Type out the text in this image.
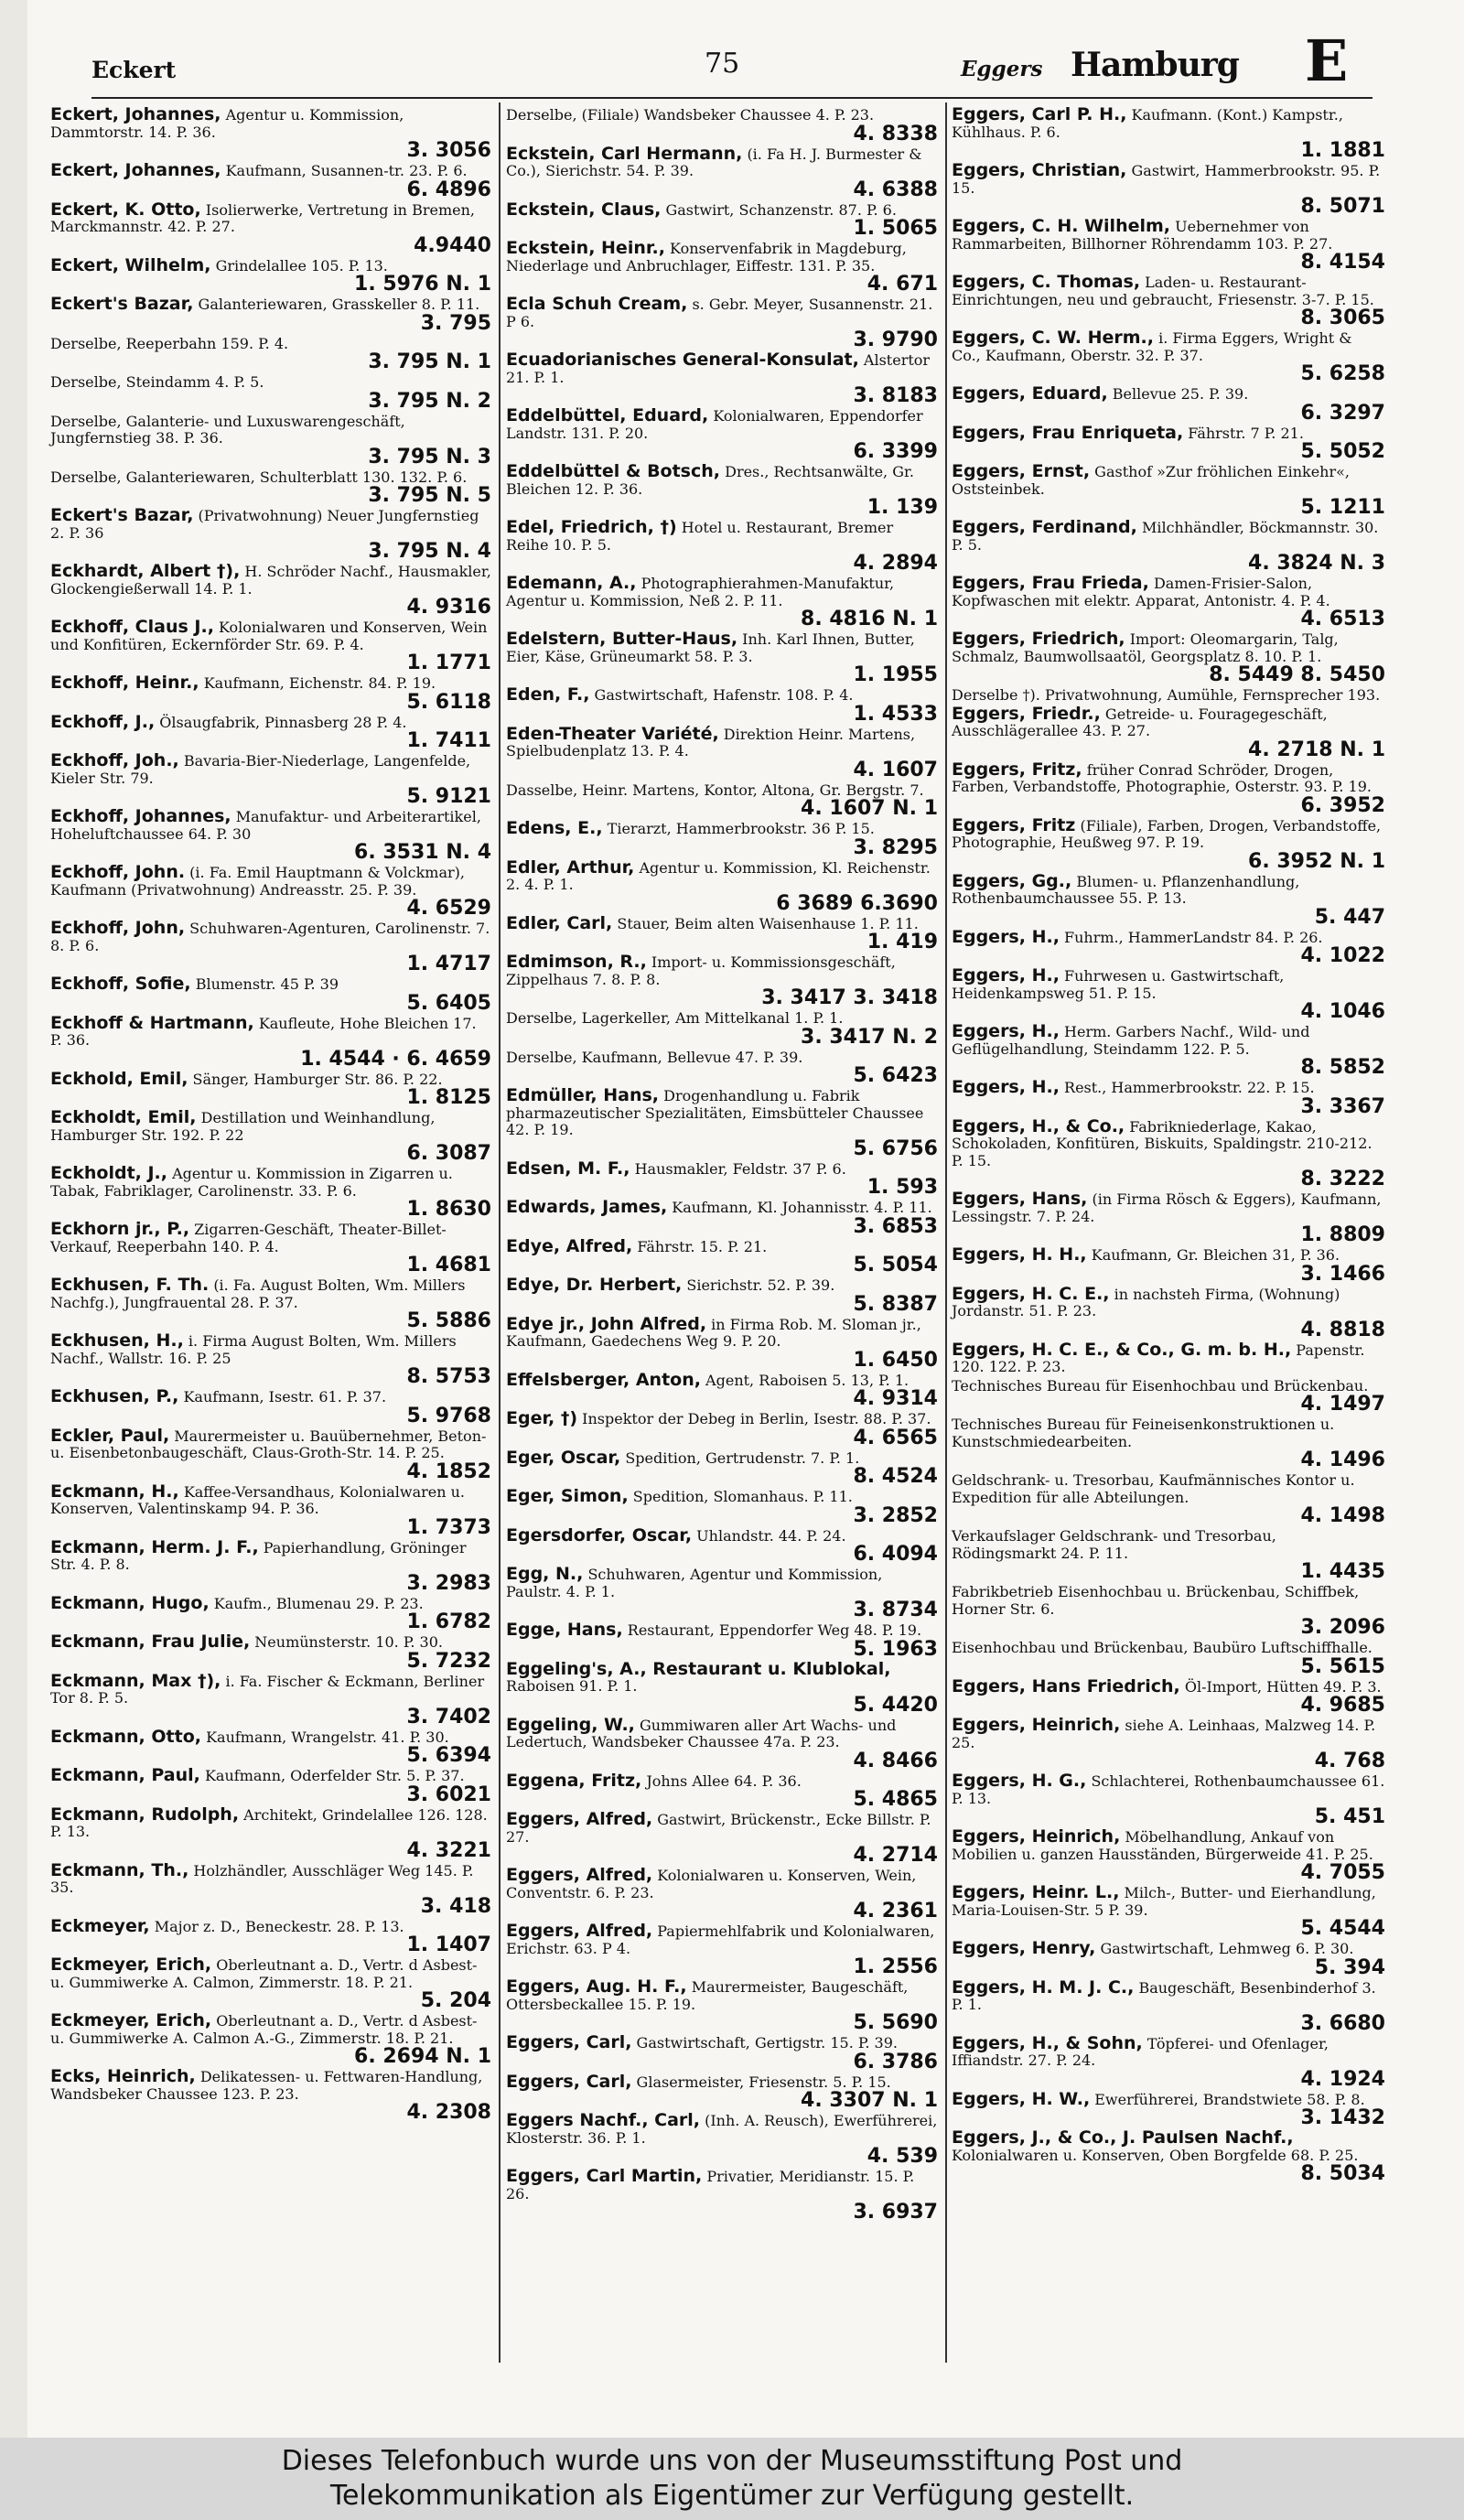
Eckert	75	Eggers Hamburg E
Eckert, Johannes, Agentur u. Kommission, Dammtorstr. 14. P. 36.
3. 3056
Eckert, Johannes, Kaufmann, Susannen-tr. 23. P. 6.
6. 4896
Eckert, K. Otto, Isolierwerke, Vertretung in Bremen, Marckmannstr. 42. P. 27.
4.9440
Eckert, Wilhelm, Grindelallee 105. P. 13.
1. 5976 N. 1
Eckert's Bazar, Galanteriewaren, Grasskeller 8. P. 11.
3. 795
Derselbe, Reeperbahn 159. P. 4.
3. 795 N. 1
Derselbe, Steindamm 4. P. 5.
3. 795 N. 2
Derselbe, Galanterie- und Luxuswarengeschäft, Jungfernstieg 38. P. 36.
3. 795 N. 3
Derselbe, Galanteriewaren, Schulterblatt 130. 132. P. 6.
3. 795 N. 5
Eckert's Bazar, (Privatwohnung) Neuer Jungfernstieg 2. P. 36
3. 795 N. 4
Eckhardt, Albert †), H. Schröder Nachf., Hausmakler, Glockengießerwall 14. P. 1.
4. 9316
Eckhoff, Claus J., Kolonialwaren und Konserven, Wein und Konfitüren, Eckernförder Str. 69. P. 4.
1. 1771
Eckhoff, Heinr., Kaufmann, Eichenstr. 84. P. 19.
5. 6118
Eckhoff, J., Ölsaugfabrik, Pinnasberg 28 P. 4.
1. 7411
Eckhoff, Joh., Bavaria-Bier-Niederlage, Langenfelde, Kieler Str. 79.
5. 9121
Eckhoff, Johannes, Manufaktur- und Arbeiterartikel, Hoheluftchaussee 64. P. 30
6. 3531 N. 4
Eckhoff, John. (i. Fa. Emil Hauptmann & Volckmar), Kaufmann (Privatwohnung) Andreasstr. 25. P. 39.
4. 6529
Eckhoff, John, Schuhwaren-Agenturen, Carolinenstr. 7. 8. P. 6.
1. 4717
Eckhoff, Sofie, Blumenstr. 45 P. 39
5. 6405
Eckhoff & Hartmann, Kaufleute, Hohe Bleichen 17. P. 36.
1. 4544 · 6. 4659
Eckhold, Emil, Sänger, Hamburger Str. 86. P. 22.
1. 8125
Eckholdt, Emil, Destillation und Weinhandlung, Hamburger Str. 192. P. 22
6. 3087
Eckholdt, J., Agentur u. Kommission in Zigarren u. Tabak, Fabriklager, Carolinenstr. 33. P. 6.
1. 8630
Eckhorn jr., P., Zigarren-Geschäft, Theater-Billet-Verkauf, Reeperbahn 140. P. 4.
1. 4681
Eckhusen, F. Th. (i. Fa. August Bolten, Wm. Millers Nachfg.), Jungfrauental 28. P. 37.
5. 5886
Eckhusen, H., i. Firma August Bolten, Wm. Millers Nachf., Wallstr. 16. P. 25
8. 5753
Eckhusen, P., Kaufmann, Isestr. 61. P. 37.
5. 9768
Eckler, Paul, Maurermeister u. Bauübernehmer, Beton- u. Eisenbetonbaugeschäft, Claus-Groth-Str. 14. P. 25.
4. 1852
Eckmann, H., Kaffee-Versandhaus, Kolonialwaren u. Konserven, Valentinskamp 94. P. 36.
1. 7373
Eckmann, Herm. J. F., Papierhandlung, Gröninger Str. 4. P. 8.
3. 2983
Eckmann, Hugo, Kaufm., Blumenau 29. P. 23.
1. 6782
Eckmann, Frau Julie, Neumünsterstr. 10. P. 30.
5. 7232
Eckmann, Max †), i. Fa. Fischer & Eckmann, Berliner Tor 8. P. 5.
3. 7402
Eckmann, Otto, Kaufmann, Wrangelstr. 41. P. 30.
5. 6394
Eckmann, Paul, Kaufmann, Oderfelder Str. 5. P. 37.
3. 6021
Eckmann, Rudolph, Architekt, Grindelallee 126. 128. P. 13.
4. 3221
Eckmann, Th., Holzhändler, Ausschläger Weg 145. P. 35.
3. 418
Eckmeyer, Major z. D., Beneckestr. 28. P. 13.
1. 1407
Eckmeyer, Erich, Oberleutnant a. D., Vertr. d Asbest- u. Gummiwerke A. Calmon, Zimmerstr. 18. P. 21.
5. 204
Eckmeyer, Erich, Oberleutnant a. D., Vertr. d Asbest- u. Gummiwerke A. Calmon A.-G., Zimmerstr. 18. P. 21.
6. 2694 N. 1
Ecks, Heinrich, Delikatessen- u. Fettwaren-Handlung, Wandsbeker Chaussee 123. P. 23.
4. 2308
Derselbe, (Filiale) Wandsbeker Chaussee 4. P. 23.
4. 8338
Eckstein, Carl Hermann, (i. Fa H. J. Burmester & Co.), Sierichstr. 54. P. 39.
4. 6388
Eckstein, Claus, Gastwirt, Schanzenstr. 87. P. 6.
1. 5065
Eckstein, Heinr., Konservenfabrik in Magdeburg, Niederlage und Anbruchlager, Eiffestr. 131. P. 35.
4. 671
Ecla Schuh Cream, s. Gebr. Meyer, Susannenstr. 21. P 6.
3. 9790
Ecuadorianisches General-Konsulat, Alstertor 21. P. 1.
3. 8183
Eddelbüttel, Eduard, Kolonialwaren, Eppendorfer Landstr. 131. P. 20.
6. 3399
Eddelbüttel & Botsch, Dres., Rechtsanwälte, Gr. Bleichen 12. P. 36.
1. 139
Edel, Friedrich, †) Hotel u. Restaurant, Bremer Reihe 10. P. 5.
4. 2894
Edemann, A., Photographierahmen-Manufaktur, Agentur u. Kommission, Neß 2. P. 11.
8. 4816 N. 1
Edelstern, Butter-Haus, Inh. Karl Ihnen, Butter, Eier, Käse, Grüneumarkt 58. P. 3.
1. 1955
Eden, F., Gastwirtschaft, Hafenstr. 108. P. 4.
1. 4533
Eden-Theater Variété, Direktion Heinr. Martens, Spielbudenplatz 13. P. 4.
4. 1607
Dasselbe, Heinr. Martens, Kontor, Altona, Gr. Bergstr. 7.
4. 1607 N. 1
Edens, E., Tierarzt, Hammerbrookstr. 36 P. 15.
3. 8295
Edler, Arthur, Agentur u. Kommission, Kl. Reichenstr. 2. 4. P. 1.
6 3689 6.3690
Edler, Carl, Stauer, Beim alten Waisenhause 1. P. 11.
1. 419
Edmimson, R., Import- u. Kommissionsgeschäft, Zippelhaus 7. 8. P. 8.
3. 3417 3. 3418
Derselbe, Lagerkeller, Am Mittelkanal 1. P. 1.
3. 3417 N. 2
Derselbe, Kaufmann, Bellevue 47. P. 39.
5. 6423
Edmüller, Hans, Drogenhandlung u. Fabrik pharmazeutischer Spezialitäten, Eimsbütteler Chaussee 42. P. 19.
5. 6756
Edsen, M. F., Hausmakler, Feldstr. 37 P. 6.
1. 593
Edwards, James, Kaufmann, Kl. Johannisstr. 4. P. 11.
3. 6853
Edye, Alfred, Fährstr. 15. P. 21.
5. 5054
Edye, Dr. Herbert, Sierichstr. 52. P. 39.
5. 8387
Edye jr., John Alfred, in Firma Rob. M. Sloman jr., Kaufmann, Gaedechens Weg 9. P. 20.
1. 6450
Effelsberger, Anton, Agent, Raboisen 5. 13, P. 1.
4. 9314
Eger, †) Inspektor der Debeg in Berlin, Isestr. 88. P. 37.
4. 6565
Eger, Oscar, Spedition, Gertrudenstr. 7. P. 1.
8. 4524
Eger, Simon, Spedition, Slomanhaus. P. 11.
3. 2852
Egersdorfer, Oscar, Uhlandstr. 44. P. 24.
6. 4094
Egg, N., Schuhwaren, Agentur und Kommission, Paulstr. 4. P. 1.
3. 8734
Egge, Hans, Restaurant, Eppendorfer Weg 48. P. 19.
5. 1963
Eggeling's, A., Restaurant u. Klublokal, Raboisen 91. P. 1.
5. 4420
Eggeling, W., Gummiwaren aller Art Wachs- und Ledertuch, Wandsbeker Chaussee 47a. P. 23.
4. 8466
Eggena, Fritz, Johns Allee 64. P. 36.
5. 4865
Eggers, Alfred, Gastwirt, Brückenstr., Ecke Billstr. P. 27.
4. 2714
Eggers, Alfred, Kolonialwaren u. Konserven, Wein, Conventstr. 6. P. 23.
4. 2361
Eggers, Alfred, Papiermehlfabrik und Kolonialwaren, Erichstr. 63. P 4.
1. 2556
Eggers, Aug. H. F., Maurermeister, Baugeschäft, Ottersbeckallee 15. P. 19.
5. 5690
Eggers, Carl, Gastwirtschaft, Gertigstr. 15. P. 39.
6. 3786
Eggers, Carl, Glasermeister, Friesenstr. 5. P. 15.
4. 3307 N. 1
Eggers Nachf., Carl, (Inh. A. Reusch), Ewerführerei, Klosterstr. 36. P. 1.
4. 539
Eggers, Carl Martin, Privatier, Meridianstr. 15. P. 26.
3. 6937
Eggers, Carl P. H., Kaufmann. (Kont.) Kampstr., Kühlhaus. P. 6.
1. 1881
Eggers, Christian, Gastwirt, Hammerbrookstr. 95. P. 15.
8. 5071
Eggers, C. H. Wilhelm, Uebernehmer von Rammarbeiten, Billhorner Röhrendamm 103. P. 27.
8. 4154
Eggers, C. Thomas, Laden- u. Restaurant-Einrichtungen, neu und gebraucht, Friesenstr. 3-7. P. 15.
8. 3065
Eggers, C. W. Herm., i. Firma Eggers, Wright & Co., Kaufmann, Oberstr. 32. P. 37.
5. 6258
Eggers, Eduard, Bellevue 25. P. 39.
6. 3297
Eggers, Frau Enriqueta, Fährstr. 7 P. 21.
5. 5052
Eggers, Ernst, Gasthof »Zur fröhlichen Einkehr«, Oststeinbek.
5. 1211
Eggers, Ferdinand, Milchhändler, Böckmannstr. 30. P. 5.
4. 3824 N. 3
Eggers, Frau Frieda, Damen-Frisier-Salon, Kopfwaschen mit elektr. Apparat, Antonistr. 4. P. 4.
4. 6513
Eggers, Friedrich, Import: Oleomargarin, Talg, Schmalz, Baumwollsaatöl, Georgsplatz 8. 10. P. 1.
8. 5449 8. 5450
Derselbe †). Privatwohnung, Aumühle, Fernsprecher 193.
Eggers, Friedr., Getreide- u. Fouragegeschäft, Ausschlägerallee 43. P. 27.
4. 2718 N. 1
Eggers, Fritz, früher Conrad Schröder, Drogen, Farben, Verbandstoffe, Photographie, Osterstr. 93. P. 19.
6. 3952
Eggers, Fritz (Filiale), Farben, Drogen, Verbandstoffe, Photographie, Heußweg 97. P. 19.
6. 3952 N. 1
Eggers, Gg., Blumen- u. Pflanzenhandlung, Rothenbaumchaussee 55. P. 13.
5. 447
Eggers, H., Fuhrm., HammerLandstr 84. P. 26.
4. 1022
Eggers, H., Fuhrwesen u. Gastwirtschaft, Heidenkampsweg 51. P. 15.
4. 1046
Eggers, H., Herm. Garbers Nachf., Wild- und Geflügelhandlung, Steindamm 122. P. 5.
8. 5852
Eggers, H., Rest., Hammerbrookstr. 22. P. 15.
3. 3367
Eggers, H., & Co., Fabrikniederlage, Kakao, Schokoladen, Konfitüren, Biskuits, Spaldingstr. 210-212. P. 15.
8. 3222
Eggers, Hans, (in Firma Rösch & Eggers), Kaufmann, Lessingstr. 7. P. 24.
1. 8809
Eggers, H. H., Kaufmann, Gr. Bleichen 31, P. 36.
3. 1466
Eggers, H. C. E., in nachsteh Firma, (Wohnung) Jordanstr. 51. P. 23.
4. 8818
Eggers, H. C. E., & Co., G. m. b. H., Papenstr. 120. 122. P. 23.
Technisches Bureau für Eisenhochbau und Brückenbau.
4. 1497
Technisches Bureau für Feineisenkonstruktionen u. Kunstschmiedearbeiten.
4. 1496
Geldschrank- u. Tresorbau, Kaufmännisches Kontor u. Expedition für alle Abteilungen.
4. 1498
Verkaufslager Geldschrank- und Tresorbau, Rödingsmarkt 24. P. 11.
1. 4435
Fabrikbetrieb Eisenhochbau u. Brückenbau, Schiffbek, Horner Str. 6.
3. 2096
Eisenhochbau und Brückenbau, Baubüro Luftschiffhalle.
5. 5615
Eggers, Hans Friedrich, Öl-Import, Hütten 49. P. 3.
4. 9685
Eggers, Heinrich, siehe A. Leinhaas, Malzweg 14. P. 25.
4. 768
Eggers, H. G., Schlachterei, Rothenbaumchaussee 61. P. 13.
5. 451
Eggers, Heinrich, Möbelhandlung, Ankauf von Mobilien u. ganzen Hausständen, Bürgerweide 41. P. 25.
4. 7055
Eggers, Heinr. L., Milch-, Butter- und Eierhandlung, Maria-Louisen-Str. 5 P. 39.
5. 4544
Eggers, Henry, Gastwirtschaft, Lehmweg 6. P. 30.
5. 394
Eggers, H. M. J. C., Baugeschäft, Besenbinderhof 3. P. 1.
3. 6680
Eggers, H., & Sohn, Töpferei- und Ofenlager, Iffiandstr. 27. P. 24.
4. 1924
Eggers, H. W., Ewerführerei, Brandstwiete 58. P. 8.
3. 1432
Eggers, J., & Co., J. Paulsen Nachf., Kolonialwaren u. Konserven, Oben Borgfelde 68. P. 25.
8. 5034
Dieses Telefonbuch wurde uns von der Museumsstiftung Post und
Telekommunikation als Eigentümer zur Verfügung gestellt.
